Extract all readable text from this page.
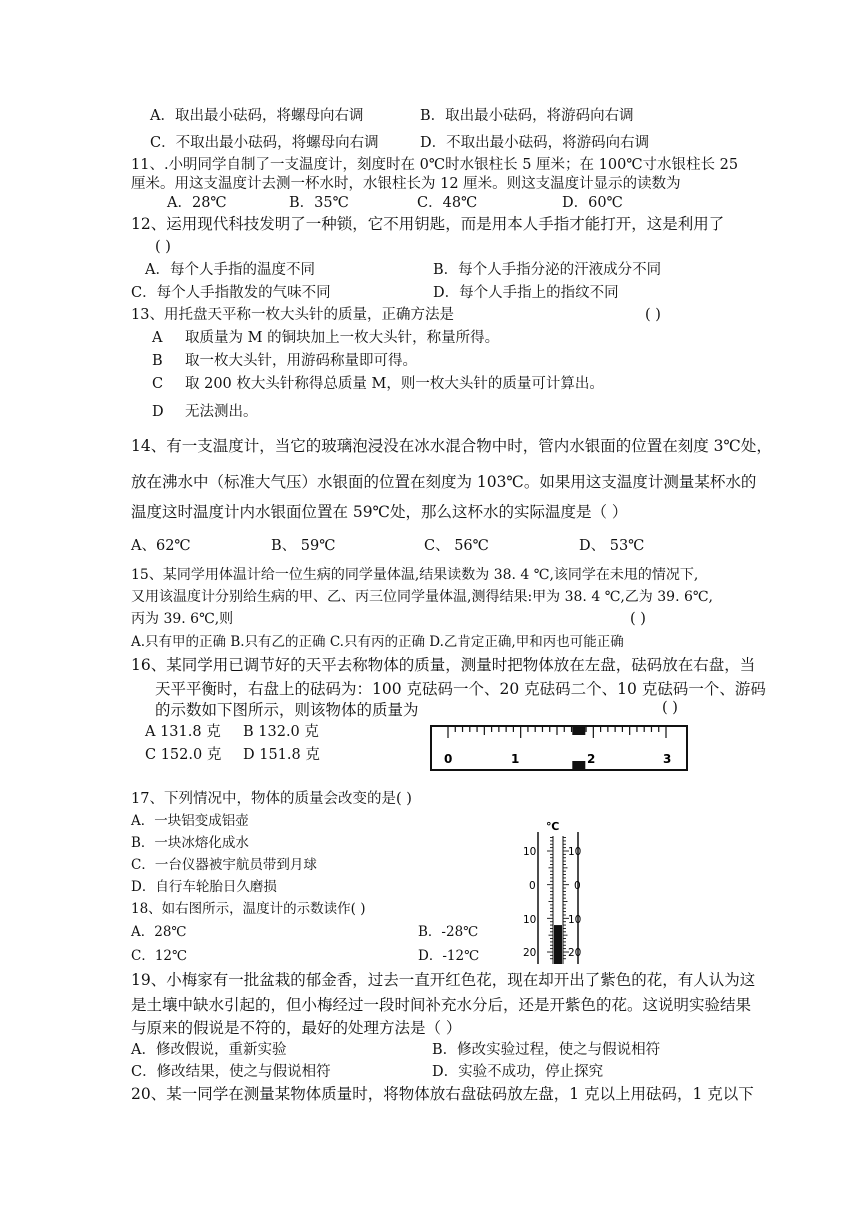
A．取出最小砝码，将螺母向右调	B．取出最小砝码，将游码向右调
C．不取出最小砝码，将螺母向右调	D．不取出最小砝码，将游码向右调
11、.小明同学自制了一支温度计，刻度时在 0℃时水银柱长 5 厘米；在 100℃寸水银柱长 25
厘米。用这支温度计去测一杯水时，水银柱长为 12 厘米。则这支温度计显示的读数为
A．28℃	B．35℃	C．48℃	D．60℃
12、运用现代科技发明了一种锁，它不用钥匙，而是用本人手指才能打开，这是利用了
( )
A．每个人手指的温度不同	B．每个人手指分泌的汗液成分不同
C．每个人手指散发的气味不同	D．每个人手指上的指纹不同
13、用托盘天平称一枚大头针的质量，正确方法是	( )
A 取质量为 M 的铜块加上一枚大头针，称量所得。
B 取一枚大头针，用游码称量即可得。
C 取 200 枚大头针称得总质量 M，则一枚大头针的质量可计算出。
D 无法测出。
14、有一支温度计，当它的玻璃泡浸没在冰水混合物中时，管内水银面的位置在刻度 3℃处，
放在沸水中（标准大气压）水银面的位置在刻度为 103℃。如果用这支温度计测量某杯水的
温度这时温度计内水银面位置在 59℃处，那么这杯水的实际温度是（ ）
A、62℃	B、 59℃	C、 56℃	D、 53℃
15、某同学用体温计给一位生病的同学量体温,结果读数为 38. 4 ℃,该同学在未甩的情况下,
又用该温度计分别给生病的甲、乙、丙三位同学量体温,测得结果:甲为 38. 4 ℃,乙为 39. 6℃,
丙为 39. 6℃,则	( )
A.只有甲的正确 B.只有乙的正确 C.只有丙的正确 D.乙肯定正确,甲和丙也可能正确
16、某同学用已调节好的天平去称物体的质量，测量时把物体放在左盘，砝码放在右盘，当
天平平衡时，右盘上的砝码为：100 克砝码一个、20 克砝码二个、10 克砝码一个、游码
的示数如下图所示，则该物体的质量为	( )
A 131.8 克 B 132.0 克
C 152.0 克 D 151.8 克	0	1	2	3
17、下列情况中，物体的质量会改变的是( )
A．一块铝变成铝壶
B．一块冰熔化成水
C．一台仪器被宇航员带到月球
D．自行车轮胎日久磨损
18、如右图所示，温度计的示数读作( )
A．28℃	B．-28℃
C．12℃	D．-12℃
℃
10
0
10
20
10
0
10
20
19、小梅家有一批盆栽的郁金香，过去一直开红色花，现在却开出了紫色的花，有人认为这
是土壤中缺水引起的，但小梅经过一段时间补充水分后，还是开紫色的花。这说明实验结果
与原来的假说是不符的，最好的处理方法是（ ）
A．修改假说，重新实验	B．修改实验过程，使之与假说相符
C．修改结果，使之与假说相符	D．实验不成功，停止探究
20、某一同学在测量某物体质量时，将物体放右盘砝码放左盘，1 克以上用砝码，1 克以下
